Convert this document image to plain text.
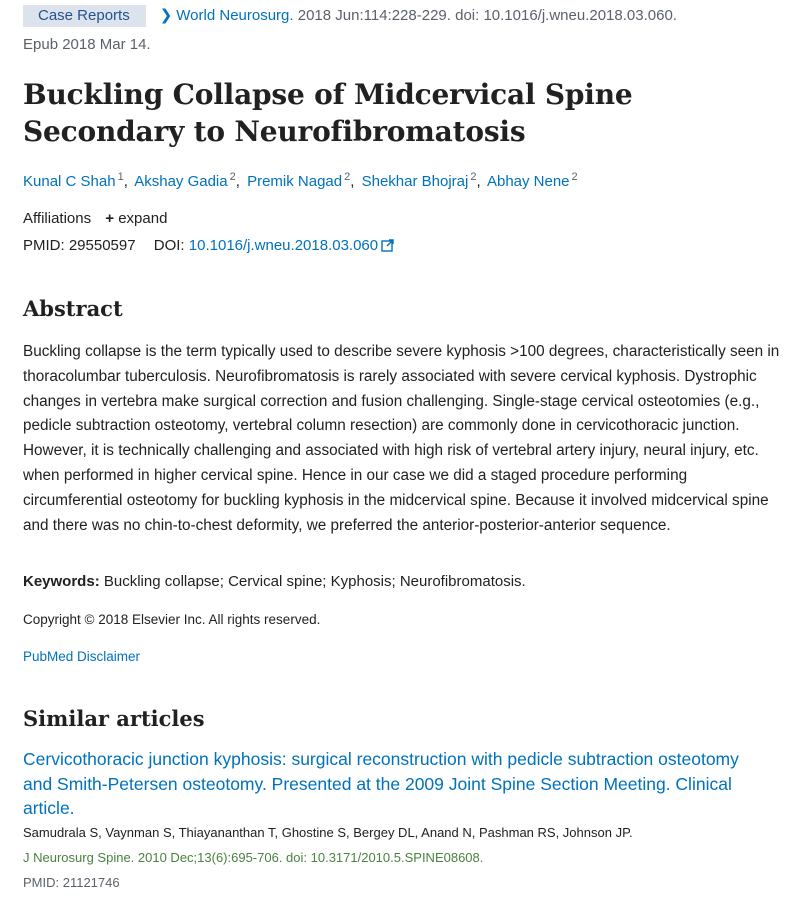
Case Reports ❯ World Neurosurg. 2018 Jun:114:228-229. doi: 10.1016/j.wneu.2018.03.060.
Epub 2018 Mar 14.
Buckling Collapse of Midcervical Spine Secondary to Neurofibromatosis
Kunal C Shah $^1$, Akshay Gadia $^2$, Premik Nagad $^2$, Shekhar Bhojraj $^2$, Abhay Nene $^2$
Affiliations + expand
PMID: 29550597 DOI: 10.1016/j.wneu.2018.03.060
Abstract
Buckling collapse is the term typically used to describe severe kyphosis >100 degrees, characteristically seen in thoracolumbar tuberculosis. Neurofibromatosis is rarely associated with severe cervical kyphosis. Dystrophic changes in vertebra make surgical correction and fusion challenging. Single-stage cervical osteotomies (e.g., pedicle subtraction osteotomy, vertebral column resection) are commonly done in cervicothoracic junction. However, it is technically challenging and associated with high risk of vertebral artery injury, neural injury, etc. when performed in higher cervical spine. Hence in our case we did a staged procedure performing circumferential osteotomy for buckling kyphosis in the midcervical spine. Because it involved midcervical spine and there was no chin-to-chest deformity, we preferred the anterior-posterior-anterior sequence.
Keywords: Buckling collapse; Cervical spine; Kyphosis; Neurofibromatosis.
Copyright © 2018 Elsevier Inc. All rights reserved.
PubMed Disclaimer
Similar articles
Cervicothoracic junction kyphosis: surgical reconstruction with pedicle subtraction osteotomy and Smith-Petersen osteotomy. Presented at the 2009 Joint Spine Section Meeting. Clinical article.
Samudrala S, Vaynman S, Thiayananthan T, Ghostine S, Bergey DL, Anand N, Pashman RS, Johnson JP.
J Neurosurg Spine. 2010 Dec;13(6):695-706. doi: 10.3171/2010.5.SPINE08608.
PMID: 21121746
